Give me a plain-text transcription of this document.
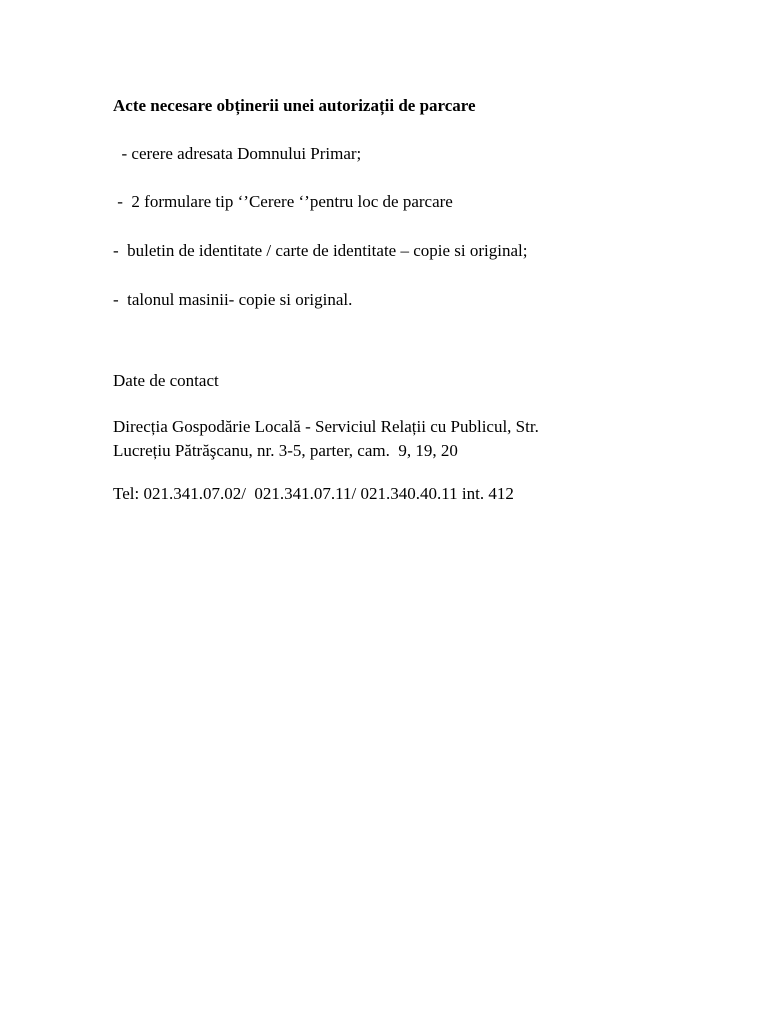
Acte necesare obținerii unei autorizații de parcare
- cerere adresata Domnului Primar;
-  2 formulare tip ‘’Cerere ‘’pentru loc de parcare
-  buletin de identitate / carte de identitate – copie si original;
-  talonul masinii- copie si original.
Date de contact
Direcția Gospodărie Locală - Serviciul Relații cu Publicul, Str.
Lucrețiu Pătrăşcanu, nr. 3-5, parter, cam.  9, 19, 20
Tel: 021.341.07.02/  021.341.07.11/ 021.340.40.11 int. 412
